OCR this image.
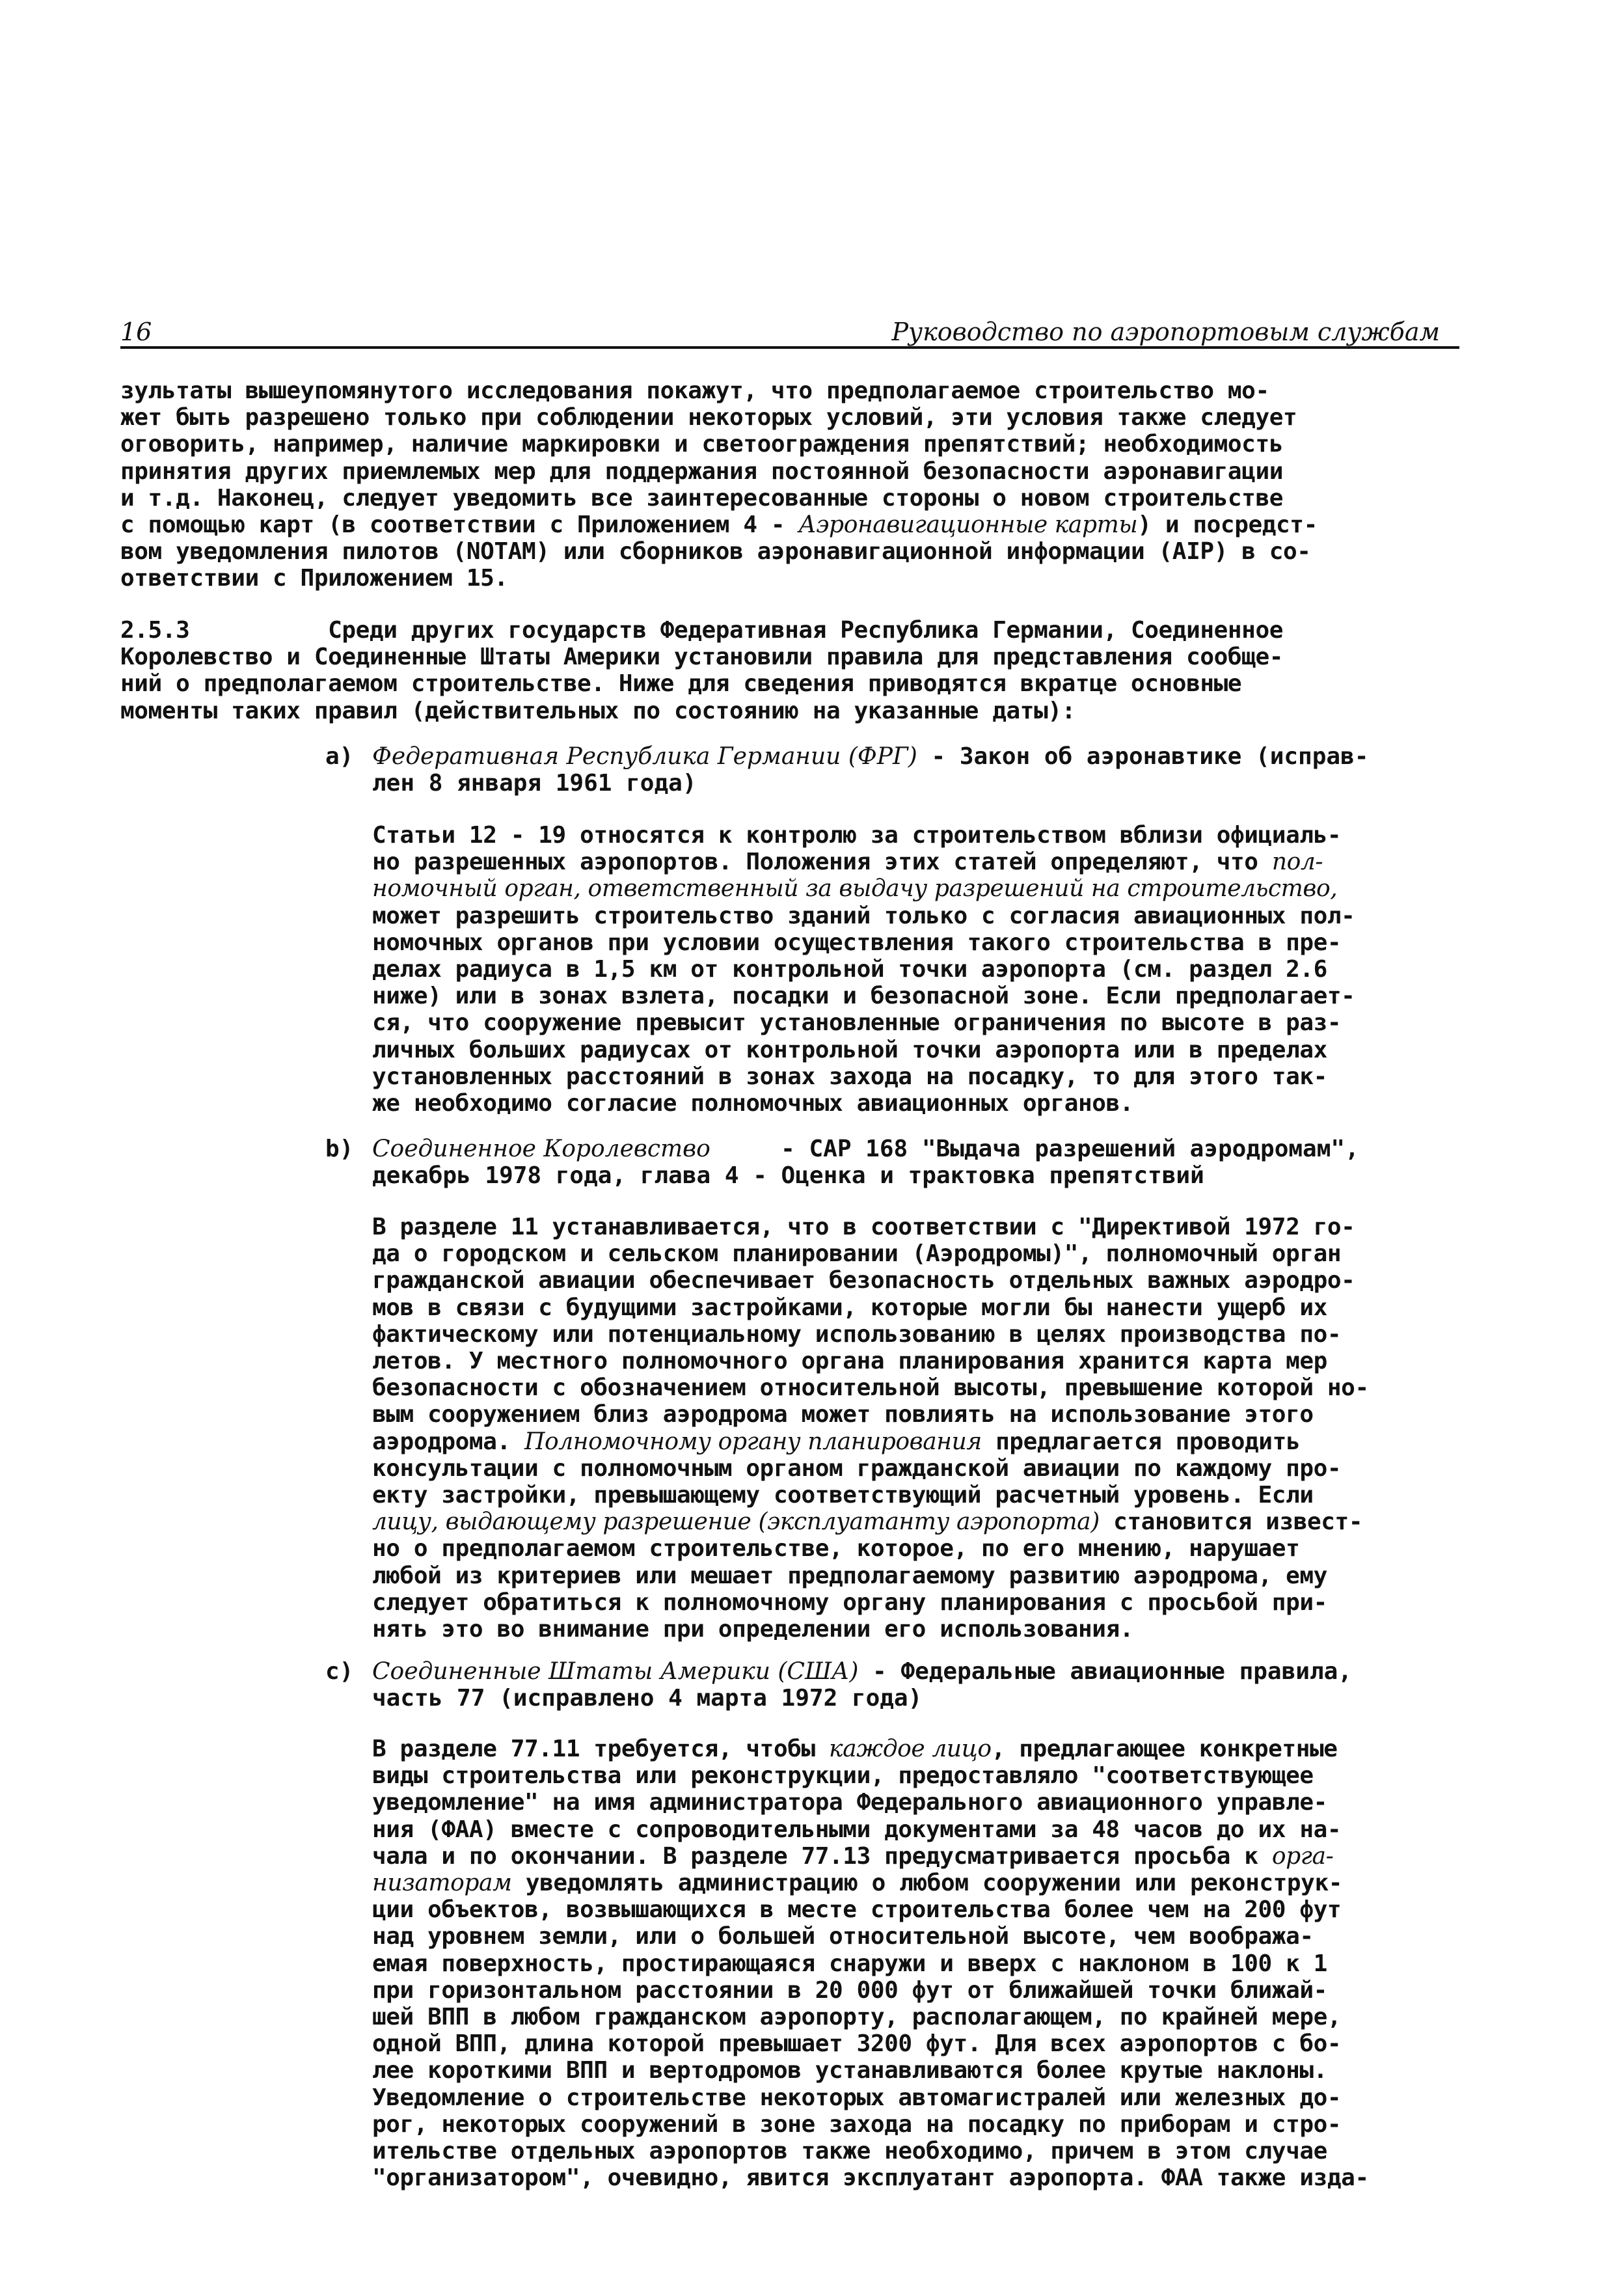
16	Руководство по аэропортовым службам
зультаты вышеупомянутого исследования покажут, что предполагаемое строительство мо-
жет быть разрешено только при соблюдении некоторых условий, эти условия также следует
оговорить, например, наличие маркировки и светоограждения препятствий; необходимость
принятия других приемлемых мер для поддержания постоянной безопасности аэронавигации
и т.д. Наконец, следует уведомить все заинтересованные стороны о новом строительстве
с помощью карт (в соответствии с Приложением 4 - Аэронавигационные карты) и посредст-
вом уведомления пилотов (NOTAM) или сборников аэронавигационной информации (AIP) в со-
ответствии с Приложением 15.
2.5.3          Среди других государств Федеративная Республика Германии, Соединенное
Королевство и Соединенные Штаты Америки установили правила для представления сообще-
ний о предполагаемом строительстве. Ниже для сведения приводятся вкратце основные
моменты таких правил (действительных по состоянию на указанные даты):
a) Федеративная Республика Германии (ФРГ) - Закон об аэронавтике (исправ-
лен 8 января 1961 года)
Статьи 12 - 19 относятся к контролю за строительством вблизи официаль-
но разрешенных аэропортов. Положения этих статей определяют, что пол-
номочный орган, ответственный за выдачу разрешений на строительство,
может разрешить строительство зданий только с согласия авиационных пол-
номочных органов при условии осуществления такого строительства в пре-
делах радиуса в 1,5 км от контрольной точки аэропорта (см. раздел 2.6
ниже) или в зонах взлета, посадки и безопасной зоне. Если предполагает-
ся, что сооружение превысит установленные ограничения по высоте в раз-
личных больших радиусах от контрольной точки аэропорта или в пределах
установленных расстояний в зонах захода на посадку, то для этого так-
же необходимо согласие полномочных авиационных органов.
b) Соединенное Королевство     - САР 168 "Выдача разрешений аэродромам",
декабрь 1978 года, глава 4 - Оценка и трактовка препятствий
В разделе 11 устанавливается, что в соответствии с "Директивой 1972 го-
да о городском и сельском планировании (Аэродромы)", полномочный орган
гражданской авиации обеспечивает безопасность отдельных важных аэродро-
мов в связи с будущими застройками, которые могли бы нанести ущерб их
фактическому или потенциальному использованию в целях производства по-
летов. У местного полномочного органа планирования хранится карта мер
безопасности с обозначением относительной высоты, превышение которой но-
вым сооружением близ аэродрома может повлиять на использование этого
аэродрома. Полномочному органу планирования предлагается проводить
консультации с полномочным органом гражданской авиации по каждому про-
екту застройки, превышающему соответствующий расчетный уровень. Если
лицу, выдающему разрешение (эксплуатанту аэропорта) становится извест-
но о предполагаемом строительстве, которое, по его мнению, нарушает
любой из критериев или мешает предполагаемому развитию аэродрома, ему
следует обратиться к полномочному органу планирования с просьбой при-
нять это во внимание при определении его использования.
c) Соединенные Штаты Америки (США) - Федеральные авиационные правила,
часть 77 (исправлено 4 марта 1972 года)
В разделе 77.11 требуется, чтобы каждое лицо, предлагающее конкретные
виды строительства или реконструкции, предоставляло "соответствующее
уведомление" на имя администратора Федерального авиационного управле-
ния (ФАА) вместе с сопроводительными документами за 48 часов до их на-
чала и по окончании. В разделе 77.13 предусматривается просьба к орга-
низаторам уведомлять администрацию о любом сооружении или реконструк-
ции объектов, возвышающихся в месте строительства более чем на 200 фут
над уровнем земли, или о большей относительной высоте, чем вообража-
емая поверхность, простирающаяся снаружи и вверх с наклоном в 100 к 1
при горизонтальном расстоянии в 20 000 фут от ближайшей точки ближай-
шей ВПП в любом гражданском аэропорту, располагающем, по крайней мере,
одной ВПП, длина которой превышает 3200 фут. Для всех аэропортов с бо-
лее короткими ВПП и вертодромов устанавливаются более крутые наклоны.
Уведомление о строительстве некоторых автомагистралей или железных до-
рог, некоторых сооружений в зоне захода на посадку по приборам и стро-
ительстве отдельных аэропортов также необходимо, причем в этом случае
"организатором", очевидно, явится эксплуатант аэропорта. ФАА также изда-
